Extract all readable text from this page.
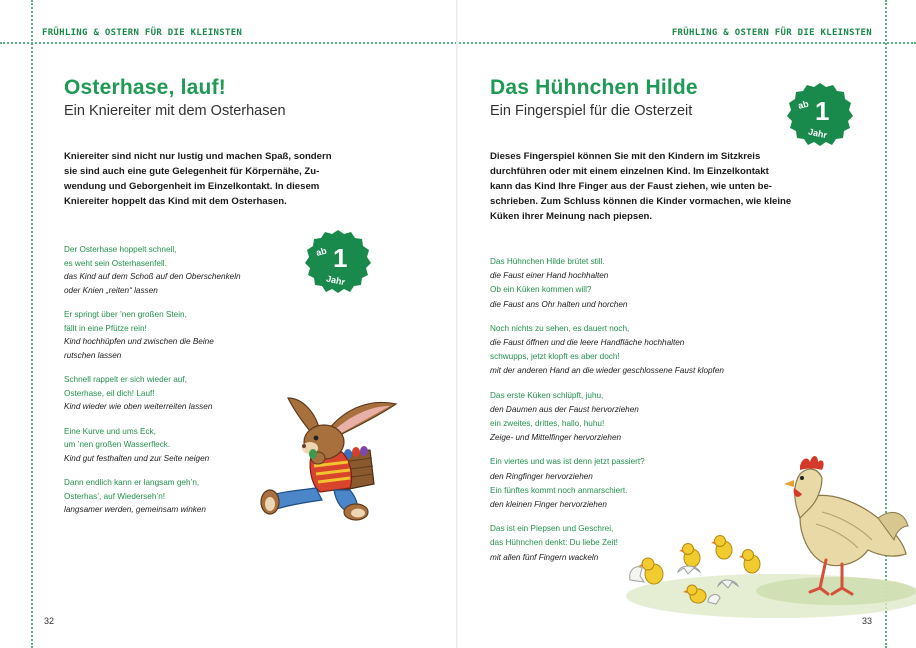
FRÜHLING & OSTERN FÜR DIE KLEINSTEN	FRÜHLING & OSTERN FÜR DIE KLEINSTEN
Osterhase, lauf!
Ein Kniereiter mit dem Osterhasen
Kniereiter sind nicht nur lustig und machen Spaß, sondern
sie sind auch eine gute Gelegenheit für Körpernähe, Zu-
wendung und Geborgenheit im Einzelkontakt. In diesem
Kniereiter hoppelt das Kind mit dem Osterhasen.
ab 1
Jahr
Der Osterhase hoppelt schnell,
es weht sein Osterhasenfell.
das Kind auf dem Schoß auf den Oberschenkeln
oder Knien „reiten“ lassen
Er springt über ’nen großen Stein,
fällt in eine Pfütze rein!
Kind hochhüpfen und zwischen die Beine
rutschen lassen
Schnell rappelt er sich wieder auf,
Osterhase, eil dich! Lauf!
Kind wieder wie oben weiterreiten lassen
Eine Kurve und ums Eck,
um ’nen großen Wasserfleck.
Kind gut festhalten und zur Seite neigen
Dann endlich kann er langsam geh’n,
Osterhas’, auf Wiederseh’n!
langsamer werden, gemeinsam winken
32
Das Hühnchen Hilde
Ein Fingerspiel für die Osterzeit	ab 1
Jahr
Dieses Fingerspiel können Sie mit den Kindern im Sitzkreis
durchführen oder mit einem einzelnen Kind. Im Einzelkontakt
kann das Kind Ihre Finger aus der Faust ziehen, wie unten be-
schrieben. Zum Schluss können die Kinder vormachen, wie kleine
Küken ihrer Meinung nach piepsen.
Das Hühnchen Hilde brütet still.
die Faust einer Hand hochhalten
Ob ein Küken kommen will?
die Faust ans Ohr halten und horchen
Noch nichts zu sehen, es dauert noch,
die Faust öffnen und die leere Handfläche hochhalten
schwupps, jetzt klopft es aber doch!
mit der anderen Hand an die wieder geschlossene Faust klopfen
Das erste Küken schlüpft, juhu,
den Daumen aus der Faust hervorziehen
ein zweites, drittes, hallo, huhu!
Zeige- und Mittelfinger hervorziehen
Ein viertes und was ist denn jetzt passiert?
den Ringfinger hervorziehen
Ein fünftes kommt noch anmarschiert.
den kleinen Finger hervorziehen
Das ist ein Piepsen und Geschrei,
das Hühnchen denkt: Du liebe Zeit!
mit allen fünf Fingern wackeln
33
